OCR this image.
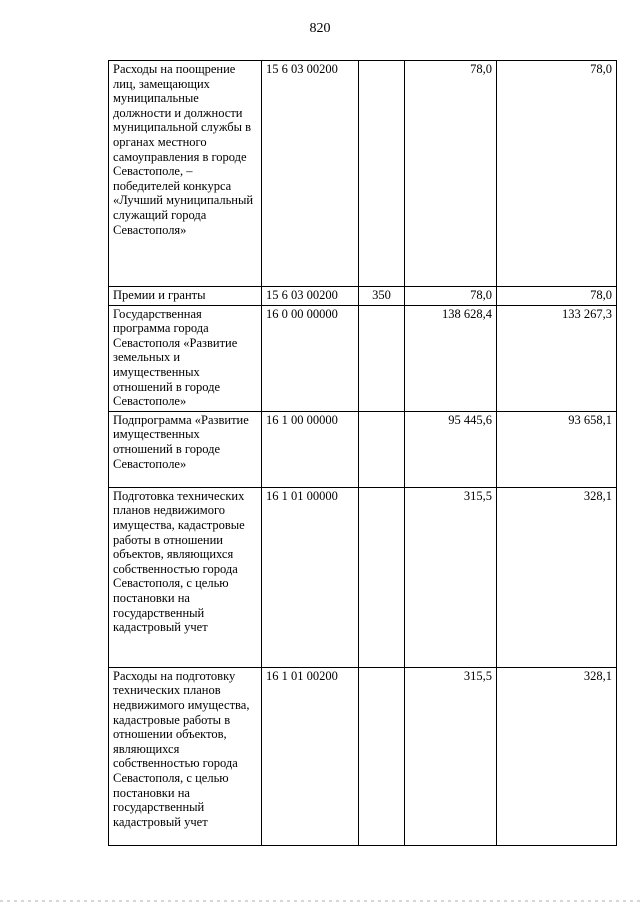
820
Расходы на поощрение лиц, замещающих муниципальные должности и должности муниципальной службы в органах местного самоуправления в городе Севастополе, – победителей конкурса «Лучший муниципальный служащий города Севастополя»	15 6 03 00200		78,0	78,0
Премии и гранты	15 6 03 00200	350	78,0	78,0
Государственная программа города Севастополя «Развитие земельных и имущественных отношений в городе Севастополе»	16 0 00 00000		138 628,4	133 267,3
Подпрограмма «Развитие имущественных отношений в городе Севастополе»	16 1 00 00000		95 445,6	93 658,1
Подготовка технических планов недвижимого имущества, кадастровые работы в отношении объектов, являющихся собственностью города Севастополя, с целью постановки на государственный кадастровый учет	16 1 01 00000		315,5	328,1
Расходы на подготовку технических планов недвижимого имущества, кадастровые работы в отношении объектов, являющихся собственностью города Севастополя, с целью постановки на государственный кадастровый учет	16 1 01 00200		315,5	328,1
